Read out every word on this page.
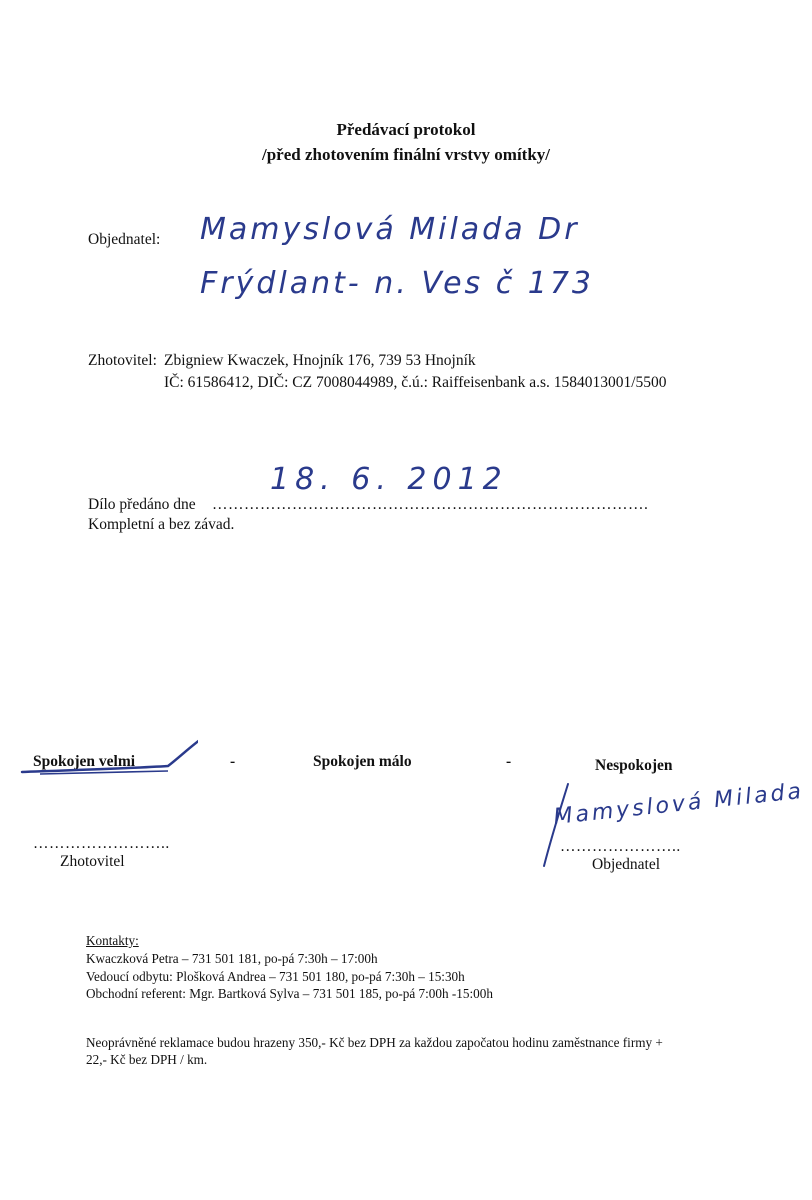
Předávací protokol
/před zhotovením finální vrstvy omítky/
Objednatel: Mamyslová Milada Dr
Frýdlant- n. Ves č 173
Zhotovitel: Zbigniew Kwaczek, Hnojník 176, 739 53 Hnojník
IČ: 61586412, DIČ: CZ 7008044989, č.ú.: Raiffeisenbank a.s. 1584013001/5500
Dílo předáno dne ……………………………………………………………………….
18. 6. 2012
Kompletní a bez závad.
Spokojen velmi	-	Spokojen málo	-	Nespokojen
……………………..
Zhotovitel
…………………..
Objednatel
Mamyslová Milada
Kontakty:
Kwaczková Petra – 731 501 181, po-pá 7:30h – 17:00h
Vedoucí odbytu: Plošková Andrea – 731 501 180, po-pá 7:30h – 15:30h
Obchodní referent: Mgr. Bartková Sylva – 731 501 185, po-pá 7:00h -15:00h
Neoprávněné reklamace budou hrazeny 350,- Kč bez DPH za každou započatou hodinu zaměstnance firmy +
22,- Kč bez DPH / km.
